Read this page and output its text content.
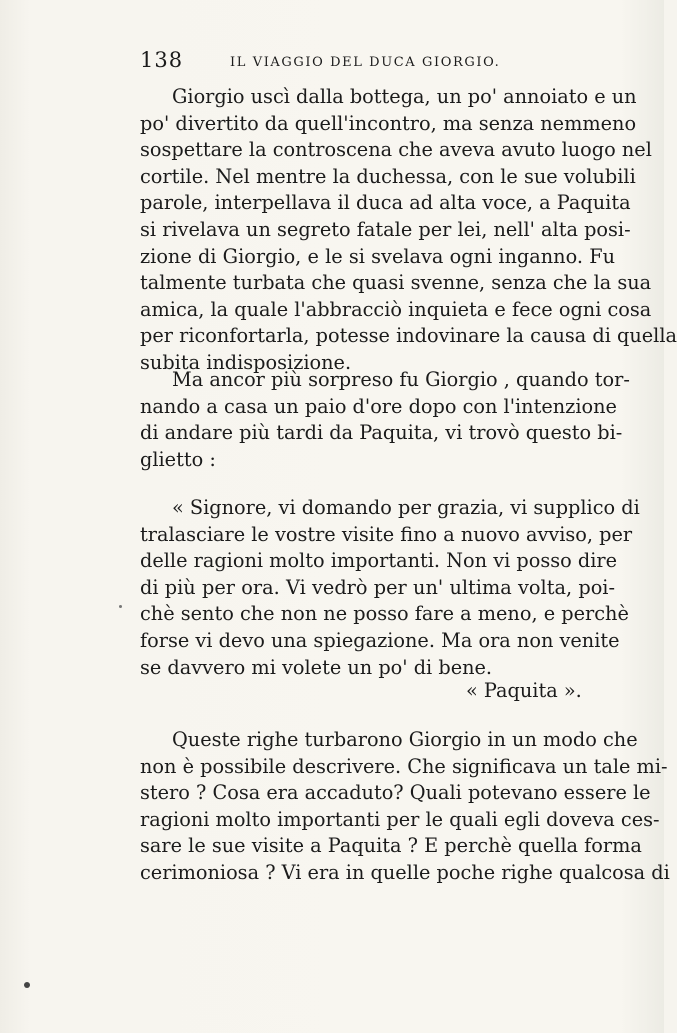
138	IL VIAGGIO DEL DUCA GIORGIO.
Giorgio uscì dalla bottega, un po' annoiato e un
po' divertito da quell'incontro, ma senza nemmeno
sospettare la controscena che aveva avuto luogo nel
cortile. Nel mentre la duchessa, con le sue volubili
parole, interpellava il duca ad alta voce, a Paquita
si rivelava un segreto fatale per lei, nell' alta posi-
zione di Giorgio, e le si svelava ogni inganno. Fu
talmente turbata che quasi svenne, senza che la sua
amica, la quale l'abbracciò inquieta e fece ogni cosa
per riconfortarla, potesse indovinare la causa di quella
subita indisposizione.
Ma ancor più sorpreso fu Giorgio , quando tor-
nando a casa un paio d'ore dopo con l'intenzione
di andare più tardi da Paquita, vi trovò questo bi-
glietto :
« Signore, vi domando per grazia, vi supplico di
tralasciare le vostre visite fino a nuovo avviso, per
delle ragioni molto importanti. Non vi posso dire
di più per ora. Vi vedrò per un' ultima volta, poi-
chè sento che non ne posso fare a meno, e perchè
forse vi devo una spiegazione. Ma ora non venite
se davvero mi volete un po' di bene.
« Paquita ».
Queste righe turbarono Giorgio in un modo che
non è possibile descrivere. Che significava un tale mi-
stero ? Cosa era accaduto? Quali potevano essere le
ragioni molto importanti per le quali egli doveva ces-
sare le sue visite a Paquita ? E perchè quella forma
cerimoniosa ? Vi era in quelle poche righe qualcosa di
